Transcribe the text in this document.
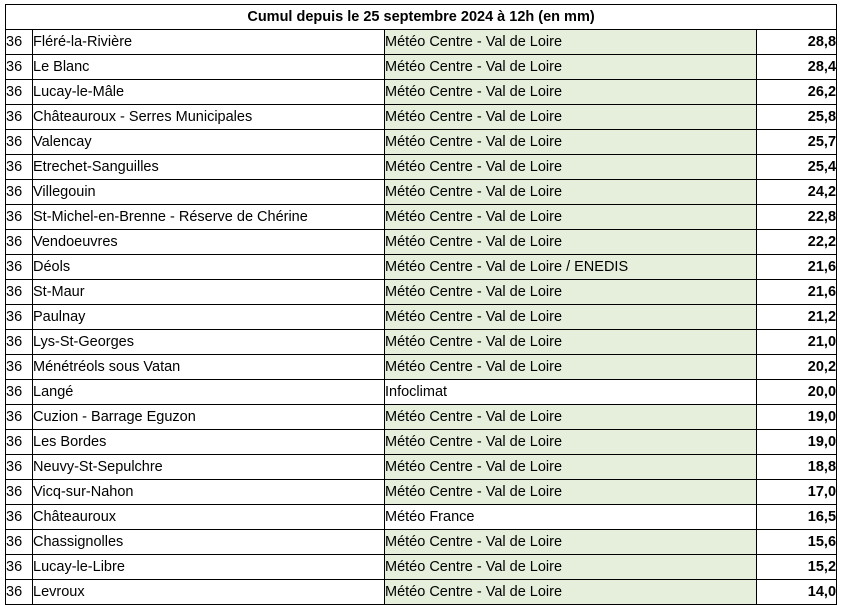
Cumul depuis le 25 septembre 2024 à 12h (en mm)			
36	Fléré-la-Rivière	Météo Centre - Val de Loire	28,8
36	Le Blanc	Météo Centre - Val de Loire	28,4
36	Lucay-le-Mâle	Météo Centre - Val de Loire	26,2
36	Châteauroux - Serres Municipales	Météo Centre - Val de Loire	25,8
36	Valencay	Météo Centre - Val de Loire	25,7
36	Etrechet-Sanguilles	Météo Centre - Val de Loire	25,4
36	Villegouin	Météo Centre - Val de Loire	24,2
36	St-Michel-en-Brenne - Réserve de Chérine	Météo Centre - Val de Loire	22,8
36	Vendoeuvres	Météo Centre - Val de Loire	22,2
36	Déols	Météo Centre - Val de Loire / ENEDIS	21,6
36	St-Maur	Météo Centre - Val de Loire	21,6
36	Paulnay	Météo Centre - Val de Loire	21,2
36	Lys-St-Georges	Météo Centre - Val de Loire	21,0
36	Ménétréols sous Vatan	Météo Centre - Val de Loire	20,2
36	Langé	Infoclimat	20,0
36	Cuzion - Barrage Eguzon	Météo Centre - Val de Loire	19,0
36	Les Bordes	Météo Centre - Val de Loire	19,0
36	Neuvy-St-Sepulchre	Météo Centre - Val de Loire	18,8
36	Vicq-sur-Nahon	Météo Centre - Val de Loire	17,0
36	Châteauroux	Météo France	16,5
36	Chassignolles	Météo Centre - Val de Loire	15,6
36	Lucay-le-Libre	Météo Centre - Val de Loire	15,2
36	Levroux	Météo Centre - Val de Loire	14,0
